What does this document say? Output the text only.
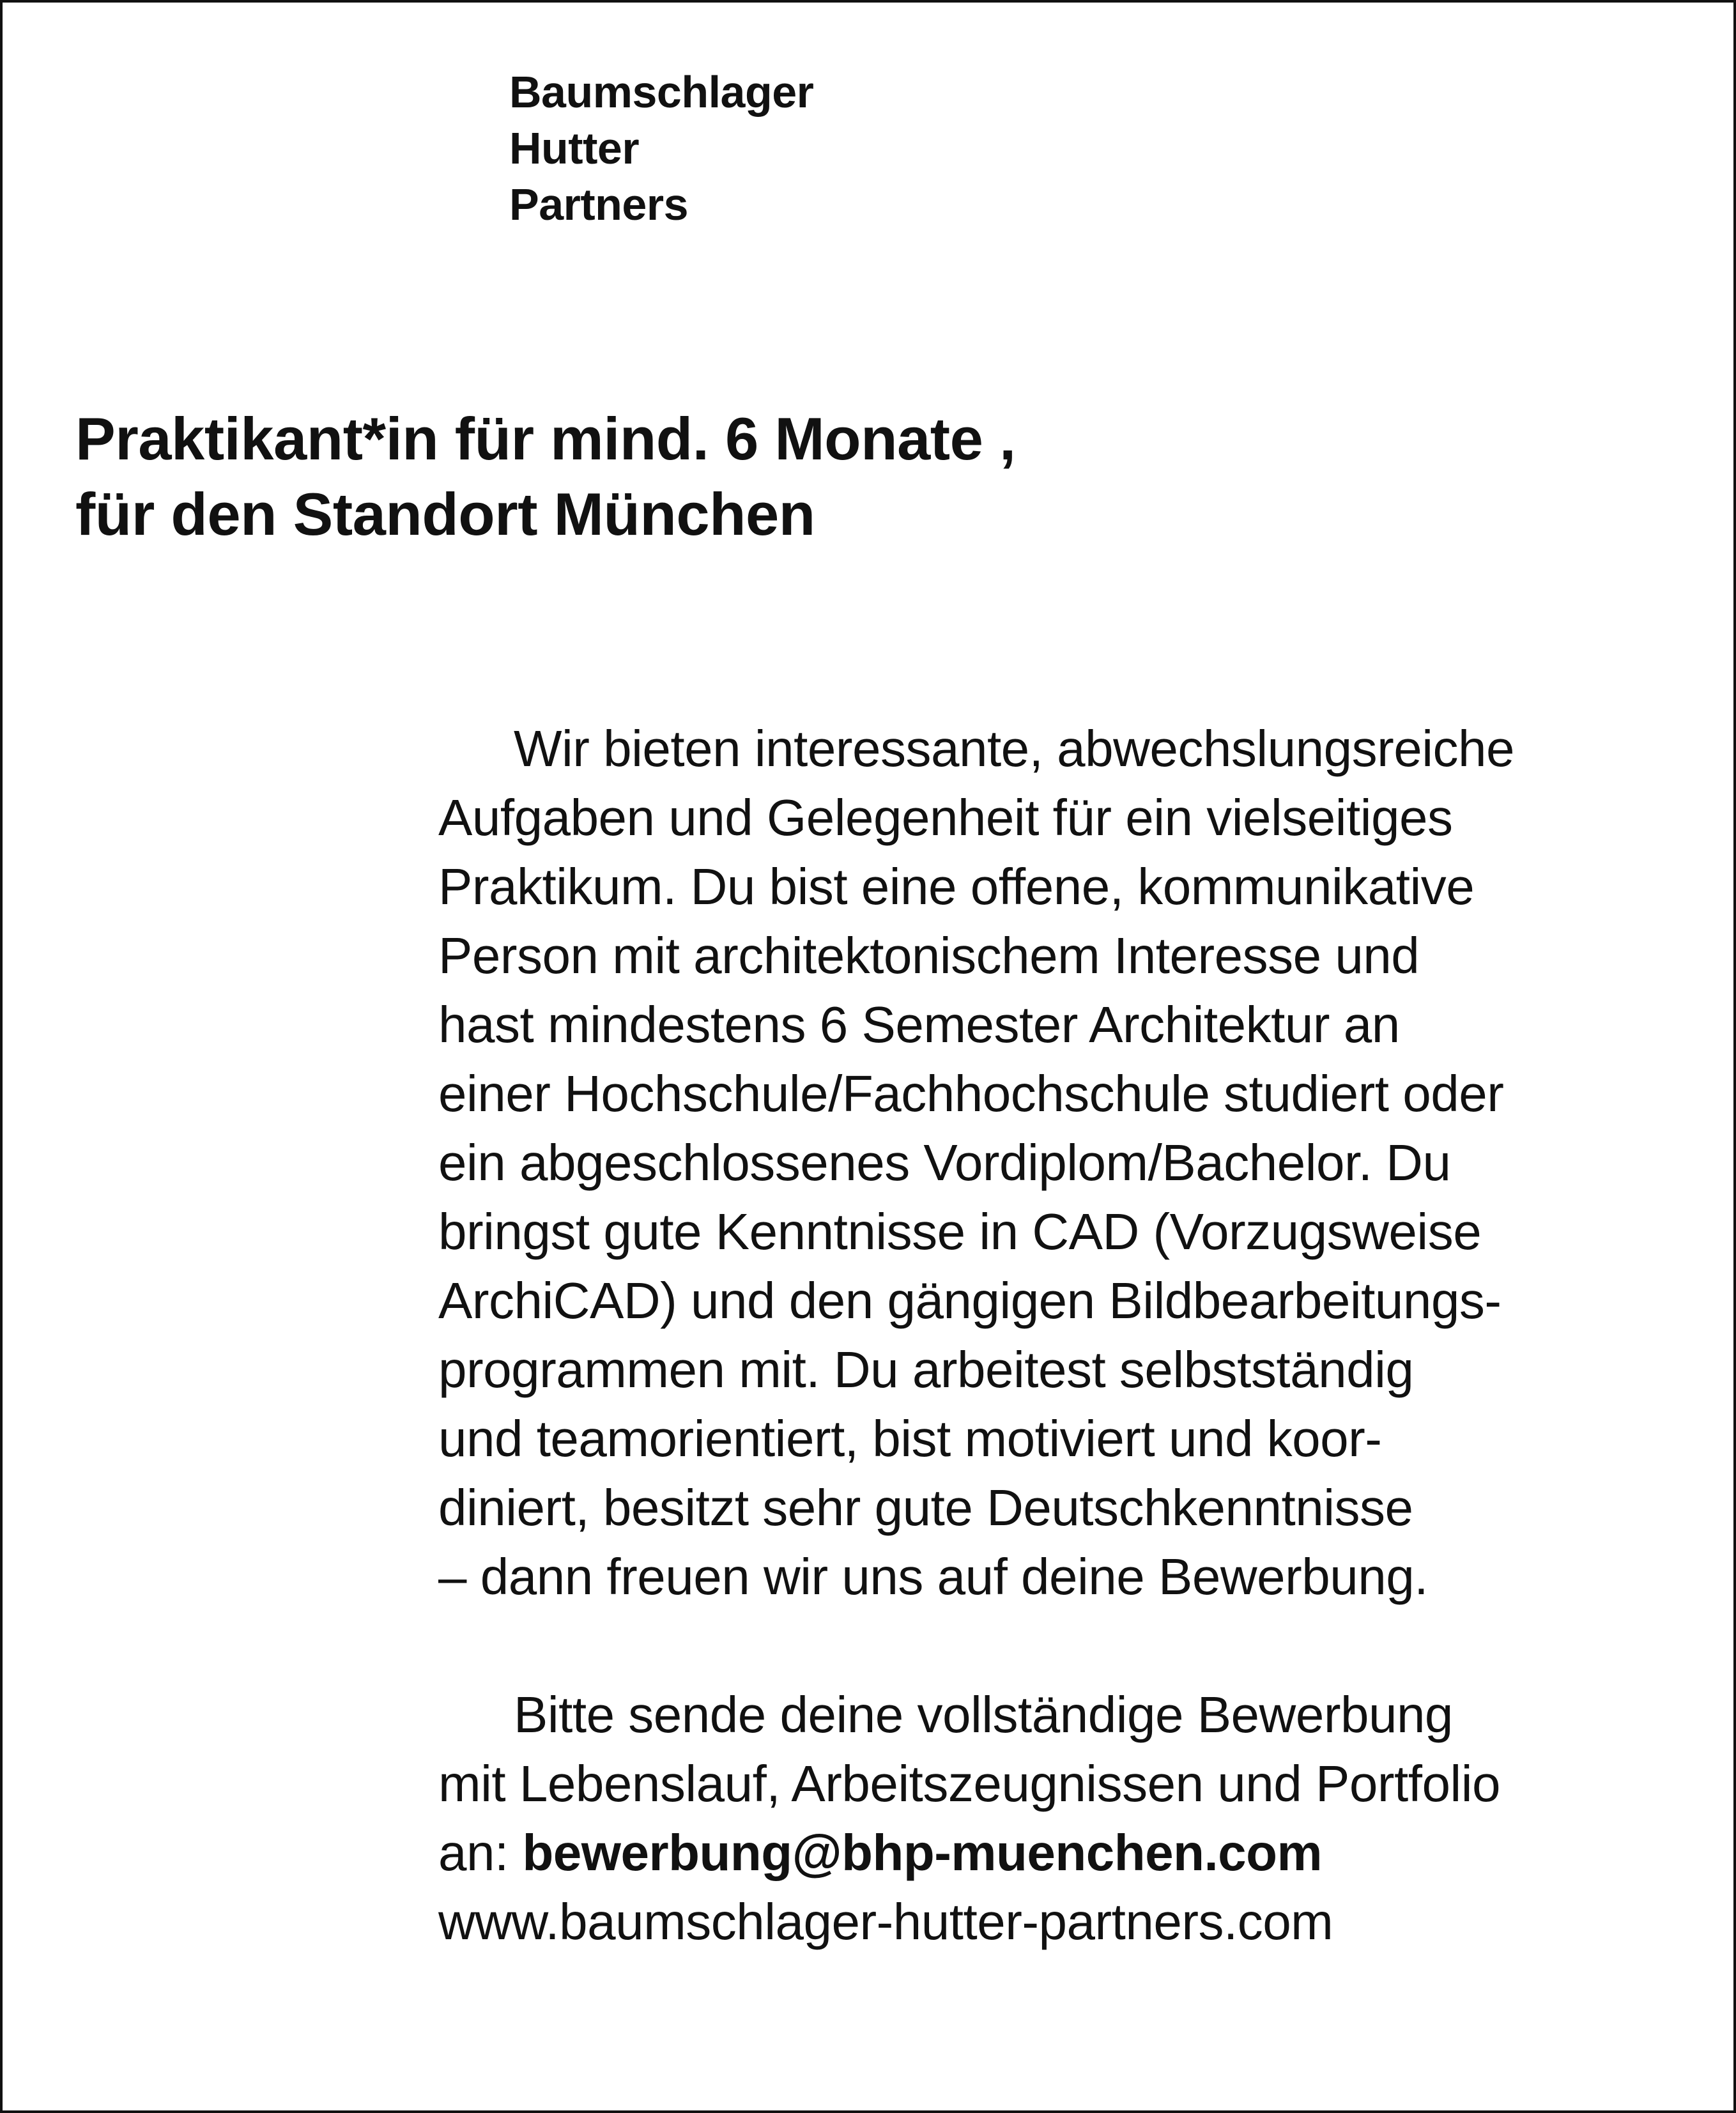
Baumschlager
Hutter
Partners
Praktikant*in für mind. 6 Monate ,
für den Standort München
Wir bieten interessante, abwechslungsreiche
Aufgaben und Gelegenheit für ein vielseitiges
Praktikum. Du bist eine offene, kommunikative
Person mit architektonischem Interesse und
hast mindestens 6 Semester Architektur an
einer Hochschule/Fachhochschule studiert oder
ein abgeschlossenes Vordiplom/Bachelor. Du
bringst gute Kenntnisse in CAD (Vorzugsweise
ArchiCAD) und den gängigen Bildbearbeitungs-
programmen mit. Du arbeitest selbstständig
und teamorientiert, bist motiviert und koor-
diniert, besitzt sehr gute Deutschkenntnisse
– dann freuen wir uns auf deine Bewerbung.
Bitte sende deine vollständige Bewerbung
mit Lebenslauf, Arbeitszeugnissen und Portfolio
an: bewerbung@bhp-muenchen.com
www.baumschlager-hutter-partners.com
